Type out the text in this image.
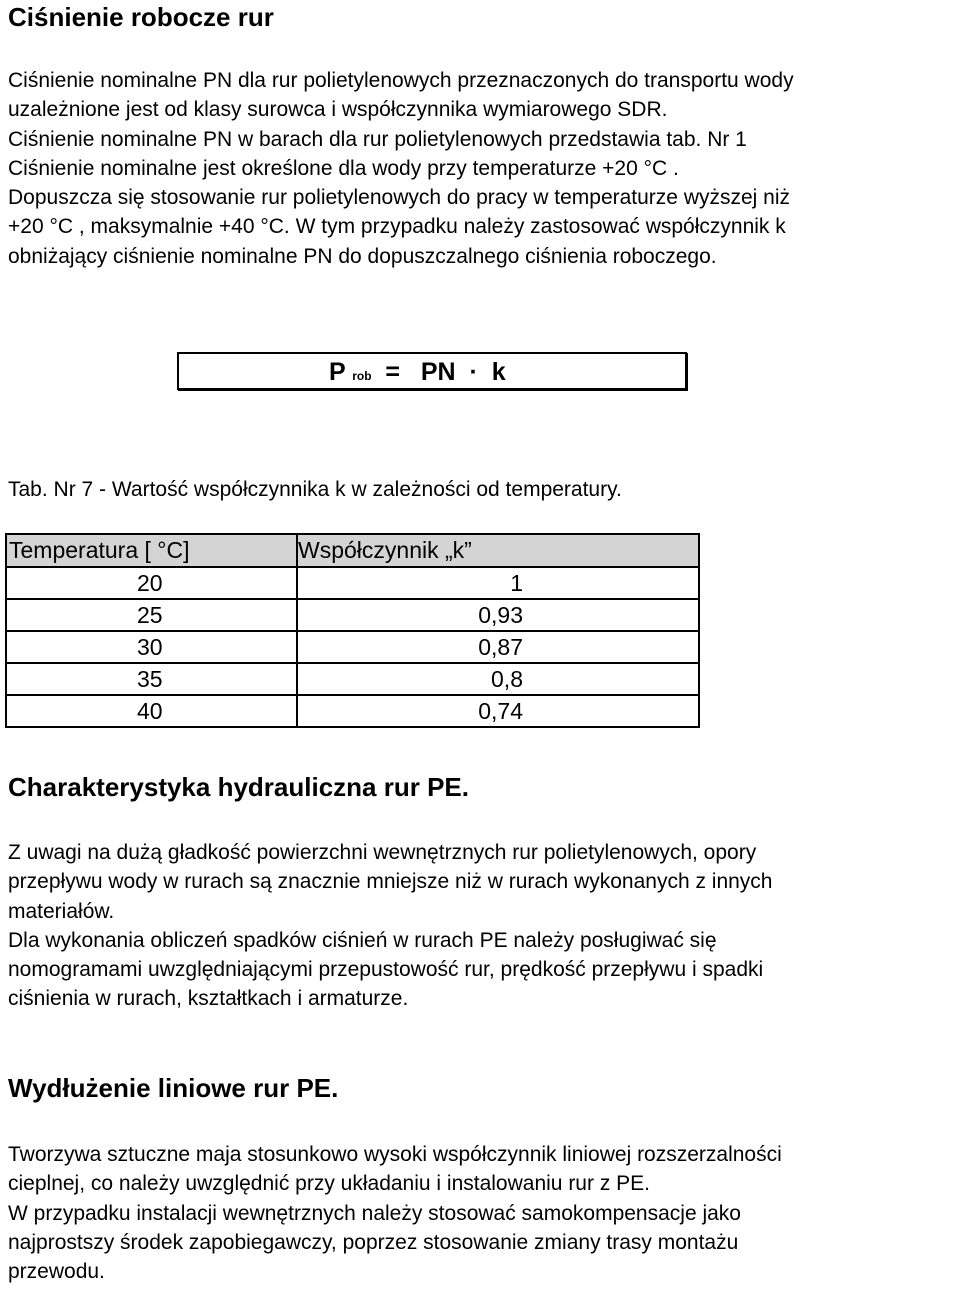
Ciśnienie robocze rur
Ciśnienie nominalne PN dla rur polietylenowych przeznaczonych do transportu wody
uzależnione jest od klasy surowca i współczynnika wymiarowego SDR.
Ciśnienie nominalne PN w barach dla rur polietylenowych przedstawia tab. Nr 1
Ciśnienie nominalne jest określone dla wody przy temperaturze +20 °C .
Dopuszcza się stosowanie rur polietylenowych do pracy w temperaturze wyższej niż
+20 °C , maksymalnie +40 °C. W tym przypadku należy zastosować współczynnik k
obniżający ciśnienie nominalne PN do dopuszczalnego ciśnienia roboczego.
P rob  =   PN  ·  k
Tab. Nr 7 - Wartość współczynnika k w zależności od temperatury.
Temperatura [ °C]	Współczynnik „k”
20	1
25	0,93
30	0,87
35	0,8
40	0,74
Charakterystyka hydrauliczna rur PE.
Z uwagi na dużą gładkość powierzchni wewnętrznych rur polietylenowych, opory
przepływu wody w rurach są znacznie mniejsze niż w rurach wykonanych z innych
materiałów.
Dla wykonania obliczeń spadków ciśnień w rurach PE należy posługiwać się
nomogramami uwzględniającymi przepustowość rur, prędkość przepływu i spadki
ciśnienia w rurach, kształtkach i armaturze.
Wydłużenie liniowe rur PE.
Tworzywa sztuczne maja stosunkowo wysoki współczynnik liniowej rozszerzalności
cieplnej, co należy uwzględnić przy układaniu i instalowaniu rur z PE.
W przypadku instalacji wewnętrznych należy stosować samokompensacje jako
najprostszy środek zapobiegawczy, poprzez stosowanie zmiany trasy montażu
przewodu.
